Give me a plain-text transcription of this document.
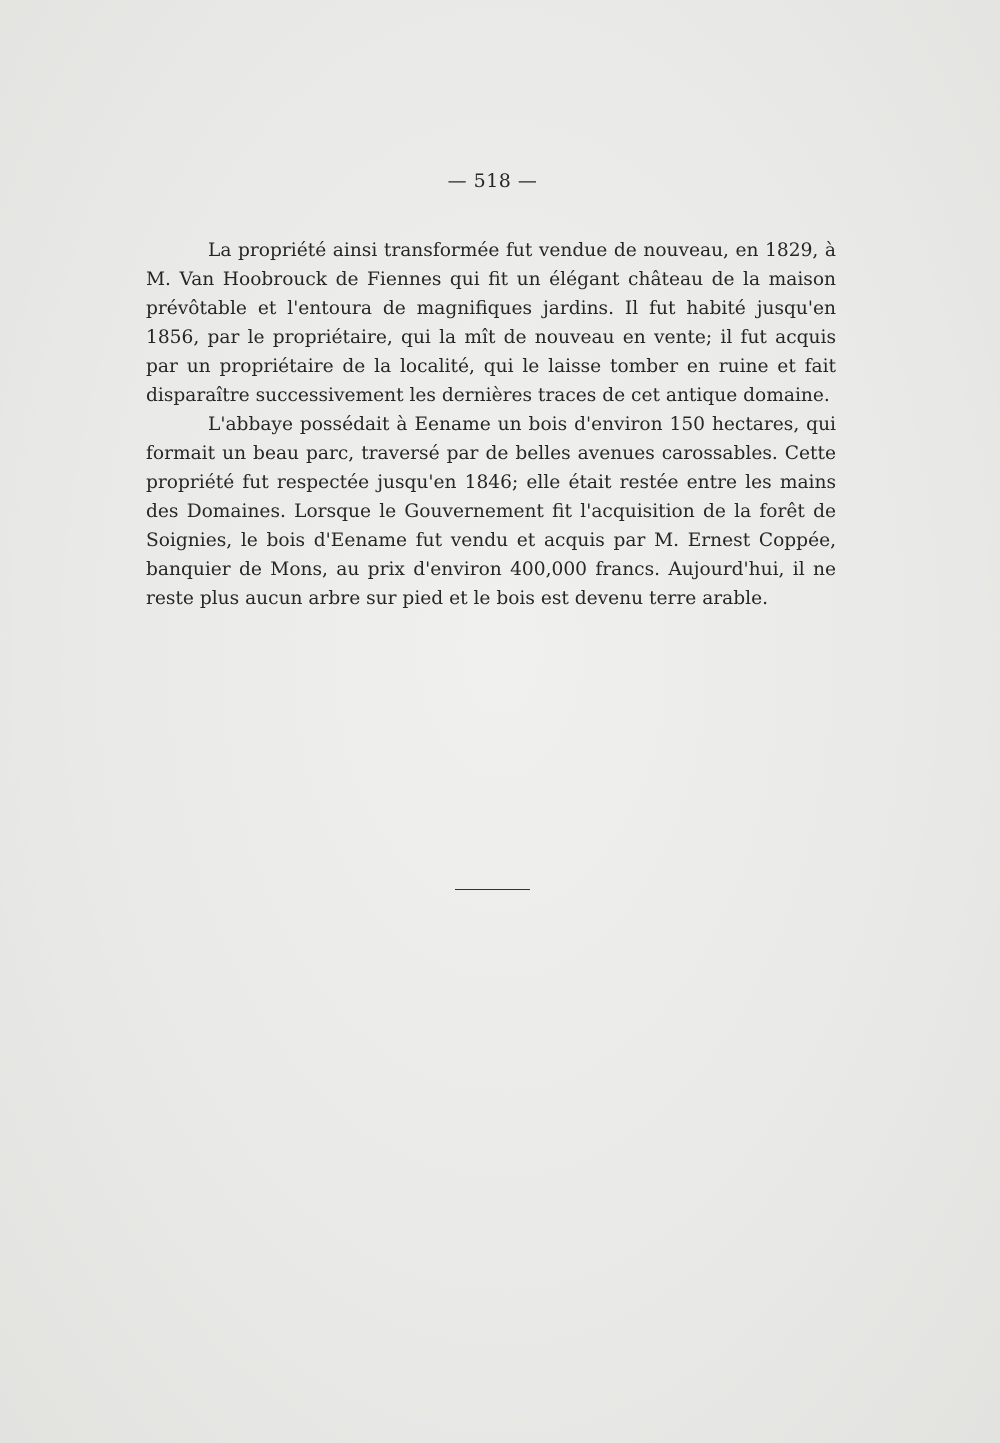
— 518 —

La propriété ainsi transformée fut vendue de nouveau, en 1829, à M. Van Hoobrouck de Fiennes qui fit un élégant château de la maison prévôtable et l'entoura de magnifiques jardins. Il fut habité jusqu'en 1856, par le propriétaire, qui la mît de nouveau en vente; il fut acquis par un propriétaire de la localité, qui le laisse tomber en ruine et fait disparaître successivement les dernières traces de cet antique domaine.

L'abbaye possédait à Eename un bois d'environ 150 hectares, qui formait un beau parc, traversé par de belles avenues carossables. Cette propriété fut respectée jusqu'en 1846; elle était restée entre les mains des Domaines. Lorsque le Gouvernement fit l'acquisition de la forêt de Soignies, le bois d'Eename fut vendu et acquis par M. Ernest Coppée, banquier de Mons, au prix d'environ 400,000 francs. Aujourd'hui, il ne reste plus aucun arbre sur pied et le bois est devenu terre arable.
